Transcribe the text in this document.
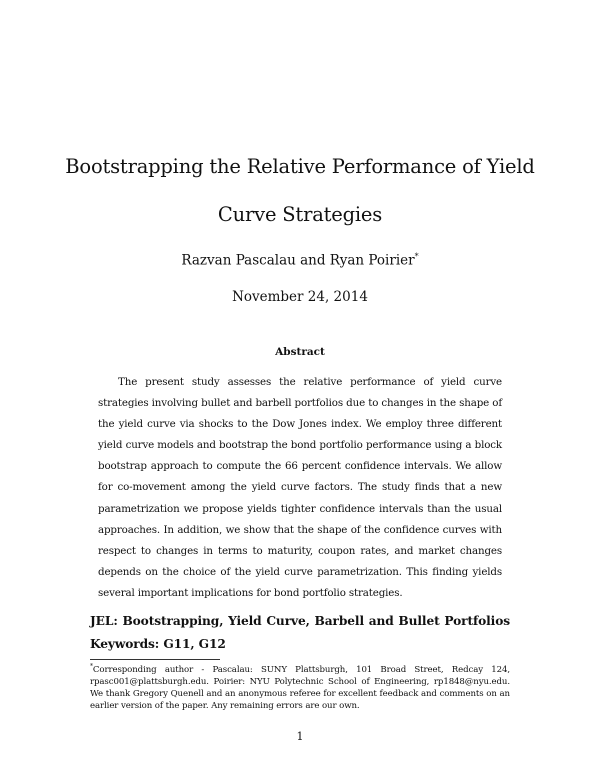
Bootstrapping the Relative Performance of Yield Curve Strategies
Razvan Pascalau and Ryan Poirier*
November 24, 2014
Abstract

The present study assesses the relative performance of yield curve strategies involving bullet and barbell portfolios due to changes in the shape of the yield curve via shocks to the Dow Jones index. We employ three different yield curve models and bootstrap the bond portfolio performance using a block bootstrap approach to compute the 66 percent confidence intervals. We allow for co-movement among the yield curve factors. The study finds that a new parametrization we propose yields tighter confidence intervals than the usual approaches. In addition, we show that the shape of the confidence curves with respect to changes in terms to maturity, coupon rates, and market changes depends on the choice of the yield curve parametrization. This finding yields several important implications for bond portfolio strategies.

JEL: Bootstrapping, Yield Curve, Barbell and Bullet Portfolios Keywords: G11, G12

*Corresponding author - Pascalau: SUNY Plattsburgh, 101 Broad Street, Redcay 124, rpasc001@plattsburgh.edu. Poirier: NYU Polytechnic School of Engineering, rp1848@nyu.edu. We thank Gregory Quenell and an anonymous referee for excellent feedback and comments on an earlier version of the paper. Any remaining errors are our own.

1
